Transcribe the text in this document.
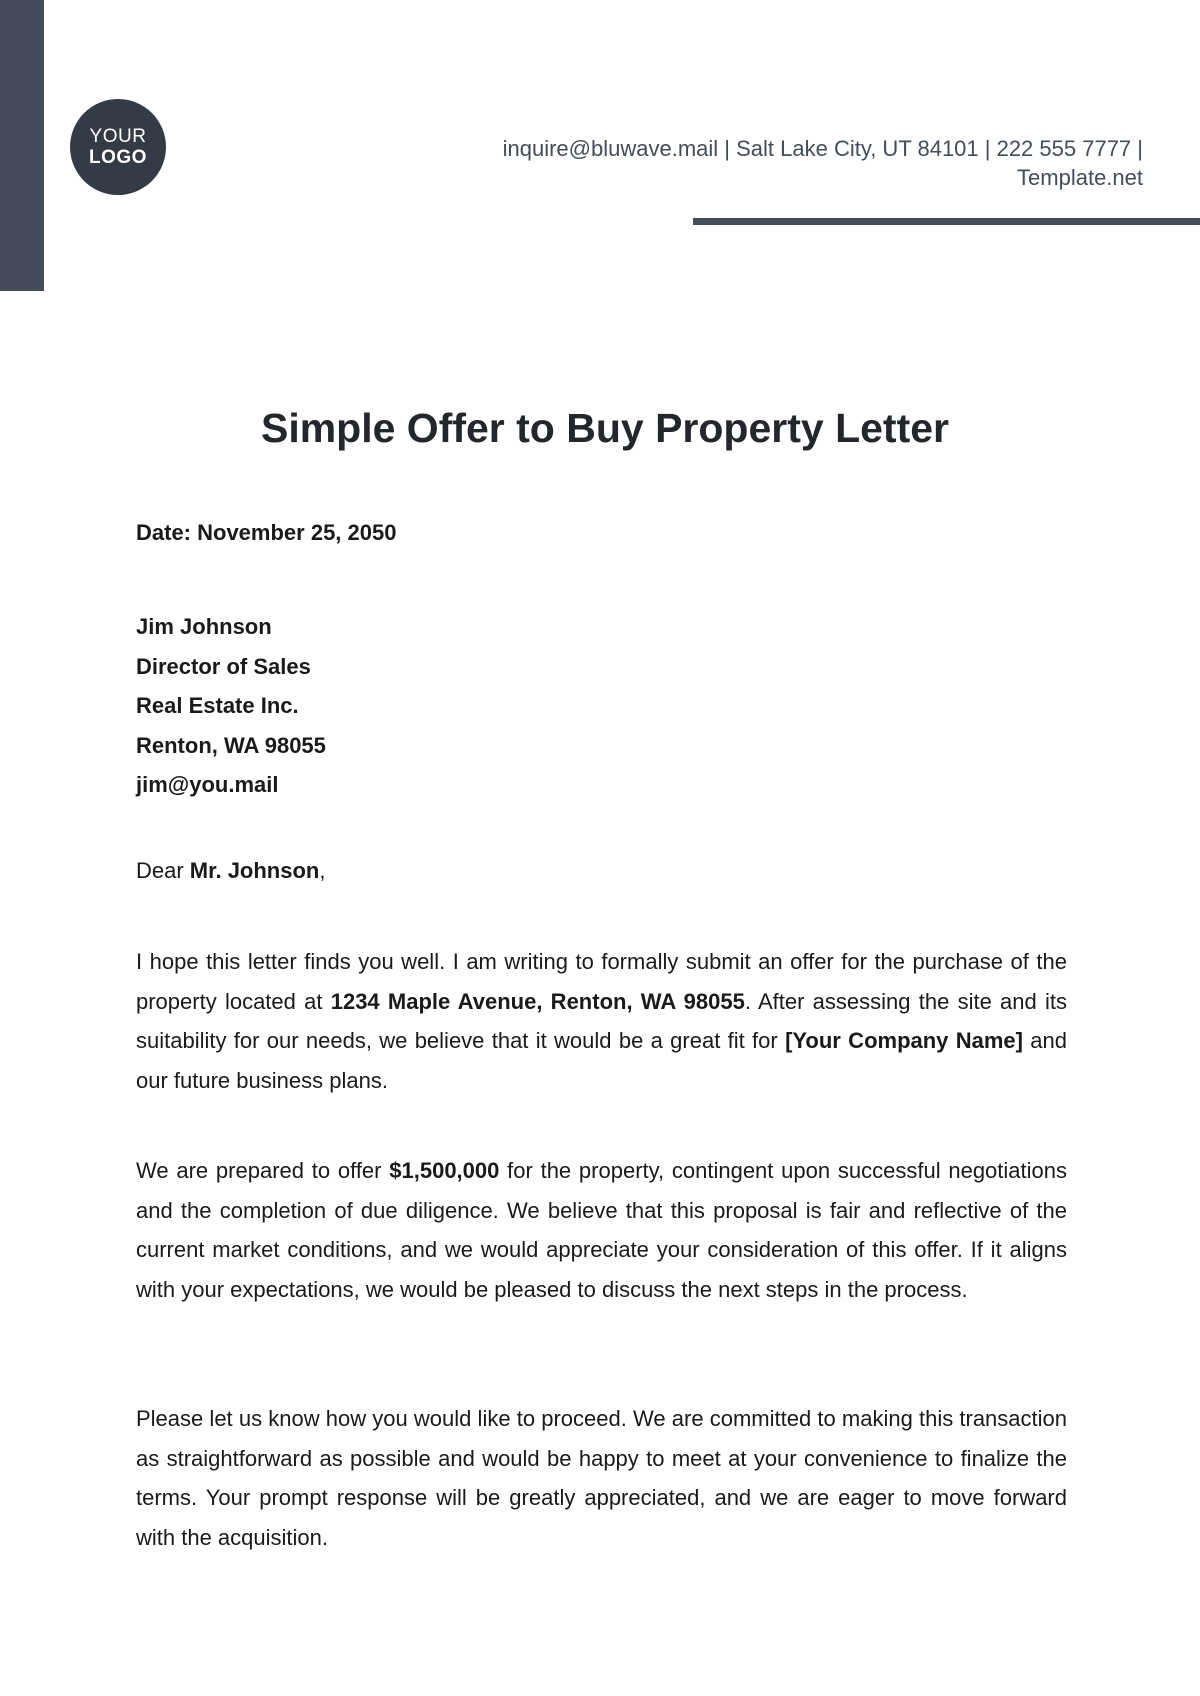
YOUR
LOGO	inquire@bluwave.mail | Salt Lake City, UT 84101 | 222 555 7777 |
Template.net
Simple Offer to Buy Property Letter
Date: November 25, 2050
Jim Johnson
Director of Sales
Real Estate Inc.
Renton, WA 98055
jim@you.mail
Dear Mr. Johnson,

I hope this letter finds you well. I am writing to formally submit an offer for the purchase of the property located at 1234 Maple Avenue, Renton, WA 98055. After assessing the site and its suitability for our needs, we believe that it would be a great fit for [Your Company Name] and our future business plans.

We are prepared to offer $1,500,000 for the property, contingent upon successful negotiations and the completion of due diligence. We believe that this proposal is fair and reflective of the current market conditions, and we would appreciate your consideration of this offer. If it aligns with your expectations, we would be pleased to discuss the next steps in the process.

Please let us know how you would like to proceed. We are committed to making this transaction as straightforward as possible and would be happy to meet at your convenience to finalize the terms. Your prompt response will be greatly appreciated, and we are eager to move forward with the acquisition.
